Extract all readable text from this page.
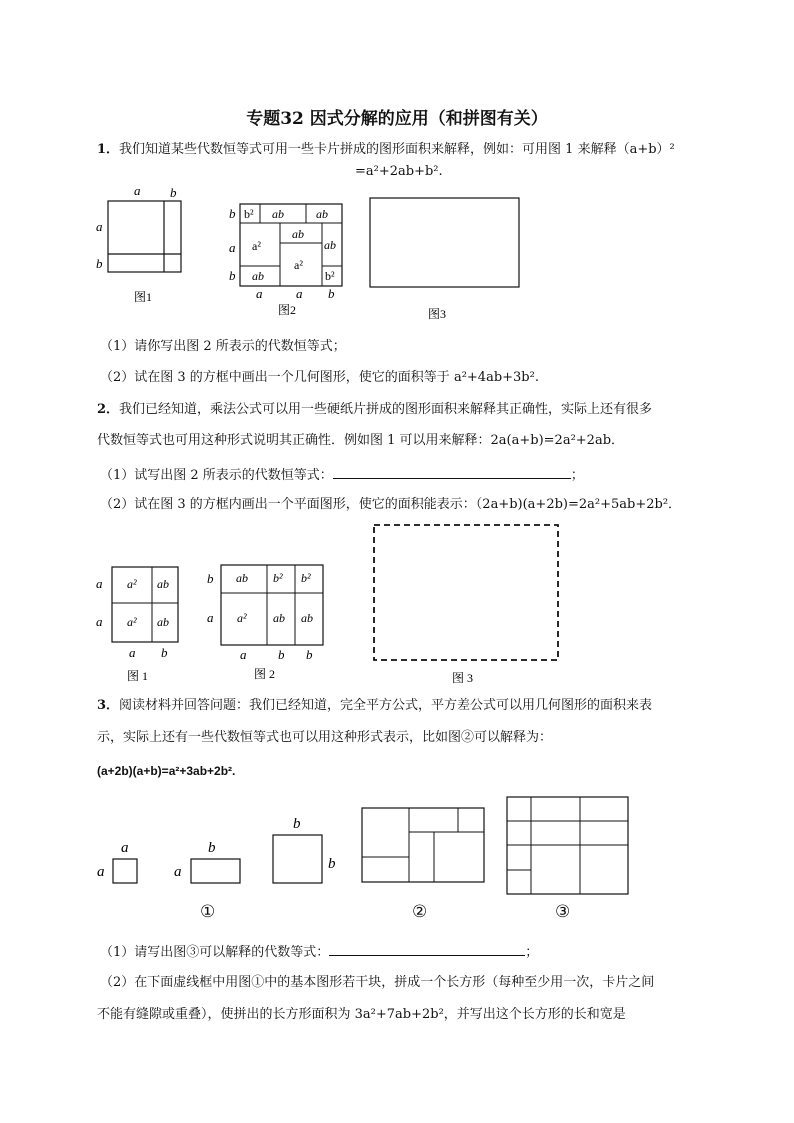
专题32 因式分解的应用（和拼图有关）
1．我们知道某些代数恒等式可用一些卡片拼成的图形面积来解释，例如：可用图 1 来解释（a+b）²
=a²+2ab+b².
a b
a
b
图1
b² ab	ab
a²
ab
ab
a²
ab	b²
b
a
b
a	a b
图2	图3
（1）请你写出图 2 所表示的代数恒等式；
（2）试在图 3 的方框中画出一个几何图形，使它的面积等于 a²+4ab+3b².
2．我们已经知道，乘法公式可以用一些硬纸片拼成的图形面积来解释其正确性，实际上还有很多
代数恒等式也可用这种形式说明其正确性．例如图 1 可以用来解释：2a(a+b)=2a²+2ab．
（1）试写出图 2 所表示的代数恒等式：	；
（2）试在图 3 的方框内画出一个平面图形，使它的面积能表示：（2a+b)(a+2b)=2a²+5ab+2b²．
a² ab
a² ab
a
a
a b
图 1
ab b² b²
a² ab ab
b
a
a b b
图 2	图 3
3．阅读材料并回答问题：我们已经知道，完全平方公式，平方差公式可以用几何图形的面积来表
示，实际上还有一些代数恒等式也可以用这种形式表示，比如图②可以解释为：
(a+2b)(a+b)=a²+3ab+2b².
a
a
b
a
b
b
①	②	③
（1）请写出图③可以解释的代数等式：	；
（2）在下面虚线框中用图①中的基本图形若干块，拼成一个长方形（每种至少用一次，卡片之间
不能有缝隙或重叠），使拼出的长方形面积为 3a²+7ab+2b²，并写出这个长方形的长和宽是
